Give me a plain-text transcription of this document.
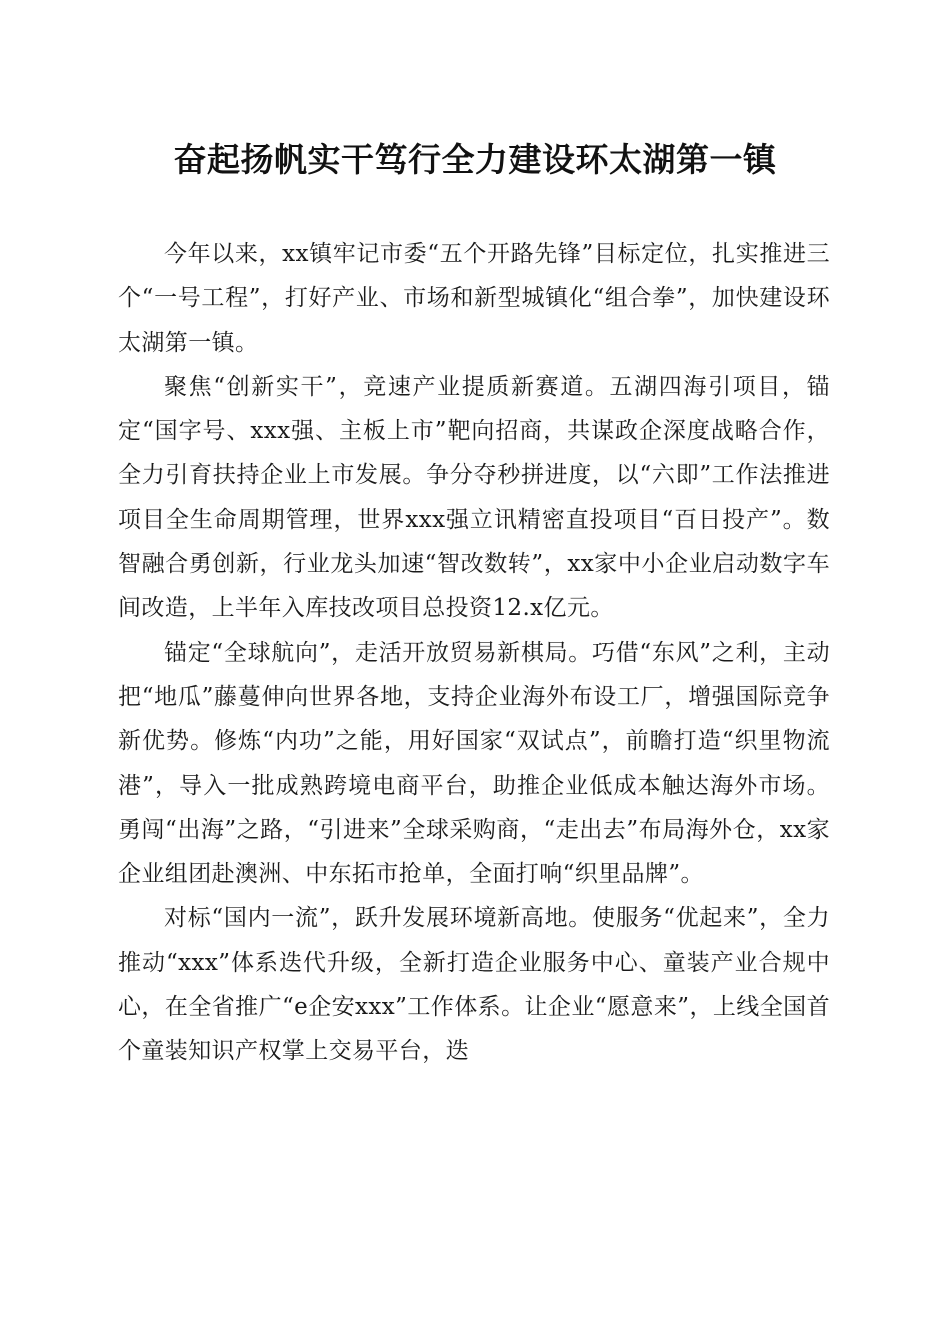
奋起扬帆实干笃行全力建设环太湖第一镇

今年以来，xx镇牢记市委“五个开路先锋”目标定位，扎实推进三个“一号工程”，打好产业、市场和新型城镇化“组合拳”，加快建设环太湖第一镇。

聚焦“创新实干”，竞速产业提质新赛道。五湖四海引项目，锚定“国字号、xxx强、主板上市”靶向招商，共谋政企深度战略合作，全力引育扶持企业上市发展。争分夺秒拼进度，以“六即”工作法推进项目全生命周期管理，世界xxx强立讯精密直投项目“百日投产”。数智融合勇创新，行业龙头加速“智改数转”，xx家中小企业启动数字车间改造，上半年入库技改项目总投资12.x亿元。

锚定“全球航向”，走活开放贸易新棋局。巧借“东风”之利，主动把“地瓜”藤蔓伸向世界各地，支持企业海外布设工厂，增强国际竞争新优势。修炼“内功”之能，用好国家“双试点”，前瞻打造“织里物流港”，导入一批成熟跨境电商平台，助推企业低成本触达海外市场。勇闯“出海”之路，“引进来”全球采购商，“走出去”布局海外仓，xx家企业组团赴澳洲、中东拓市抢单，全面打响“织里品牌”。

对标“国内一流”，跃升发展环境新高地。使服务“优起来”，全力推动“xxx”体系迭代升级，全新打造企业服务中心、童装产业合规中心，在全省推广“e企安xxx”工作体系。让企业“愿意来”，上线全国首个童装知识产权掌上交易平台，迭
